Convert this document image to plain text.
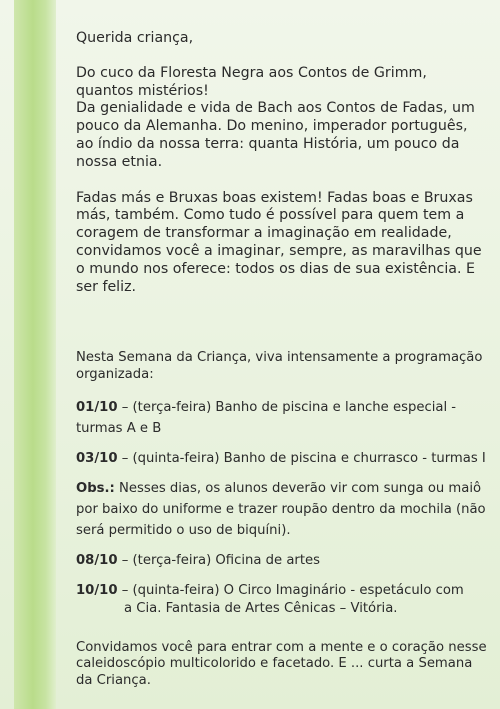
Querida criança,

Do cuco da Floresta Negra aos Contos de Grimm,
quantos mistérios!
Da genialidade e vida de Bach aos Contos de Fadas, um pouco da Alemanha. Do menino, imperador português, ao índio da nossa terra: quanta História, um pouco da nossa etnia.

Fadas más e Bruxas boas existem! Fadas boas e Bruxas más, também. Como tudo é possível para quem tem a coragem de transformar a imaginação em realidade, convidamos você a imaginar, sempre, as maravilhas que o mundo nos oferece: todos os dias de sua existência. E ser feliz.

Nesta Semana da Criança, viva intensamente a programação organizada:

01/10 – (terça-feira) Banho de piscina e lanche especial - turmas A e B

03/10 – (quinta-feira) Banho de piscina e churrasco - turmas I

Obs.: Nesses dias, os alunos deverão vir com sunga ou maiô por baixo do uniforme e trazer roupão dentro da mochila (não será permitido o uso de biquíni).

08/10 – (terça-feira) Oficina de artes

10/10 – (quinta-feira) O Circo Imaginário - espetáculo com
a Cia. Fantasia de Artes Cênicas – Vitória.

Convidamos você para entrar com a mente e o coração nesse caleidoscópio multicolorido e facetado. E ... curta a Semana da Criança.
